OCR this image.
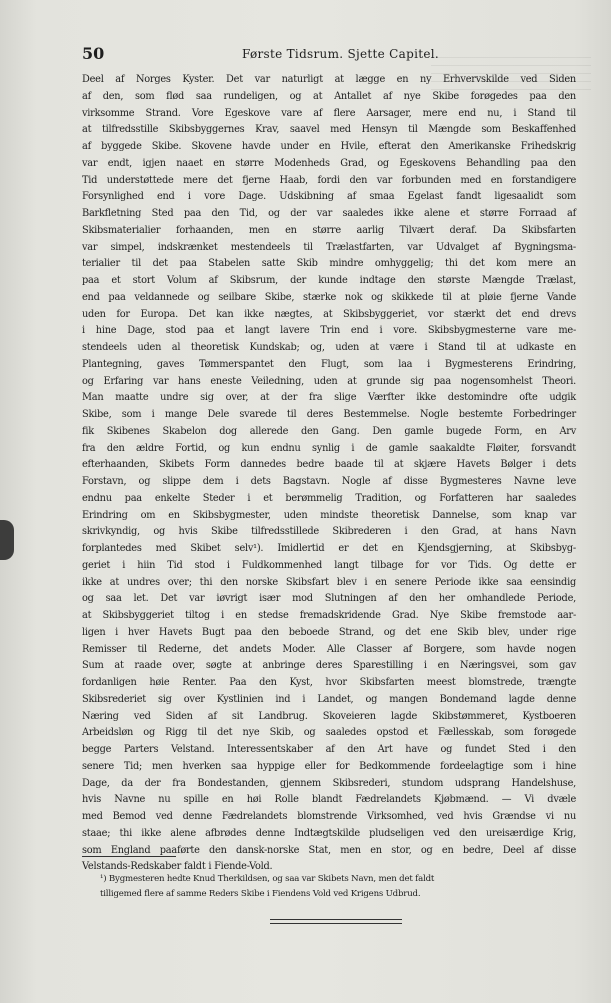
50	Første Tidsrum. Sjette Capitel.
Deel af Norges Kyster. Det var naturligt at lægge en ny Erhvervskilde ved Siden
af den, som flød saa rundeligen, og at Antallet af nye Skibe forøgedes paa den
virksomme Strand. Vore Egeskove vare af flere Aarsager, mere end nu, i Stand til
at tilfredsstille Skibsbyggernes Krav, saavel med Hensyn til Mængde som Beskaffenhed
af byggede Skibe. Skovene havde under en Hvile, efterat den Amerikanske Frihedskrig
var endt, igjen naaet en større Modenheds Grad, og Egeskovens Behandling paa den
Tid understøttede mere det fjerne Haab, fordi den var forbunden med en forstandigere
Forsynlighed end i vore Dage. Udskibning af smaa Egelast fandt ligesaalidt som
Barkfletning Sted paa den Tid, og der var saaledes ikke alene et større Forraad af
Skibsmaterialier forhaanden, men en større aarlig Tilvært deraf. Da Skibsfarten
var simpel, indskrænket mestendeels til Trælastfarten, var Udvalget af Bygningsma-
terialier til det paa Stabelen satte Skib mindre omhyggelig; thi det kom mere an
paa et stort Volum af Skibsrum, der kunde indtage den største Mængde Trælast,
end paa veldannede og seilbare Skibe, stærke nok og skikkede til at pløie fjerne Vande
uden for Europa. Det kan ikke nægtes, at Skibsbyggeriet, vor stærkt det end drevs
i hine Dage, stod paa et langt lavere Trin end i vore. Skibsbygmesterne vare me-
stendeels uden al theoretisk Kundskab; og, uden at være i Stand til at udkaste en
Plantegning, gaves Tømmerspantet den Flugt, som laa i Bygmesterens Erindring,
og Erfaring var hans eneste Veiledning, uden at grunde sig paa nogensomhelst Theori.
Man maatte undre sig over, at der fra slige Værfter ikke destomindre ofte udgik
Skibe, som i mange Dele svarede til deres Bestemmelse. Nogle bestemte Forbedringer
fik Skibenes Skabelon dog allerede den Gang. Den gamle bugede Form, en Arv
fra den ældre Fortid, og kun endnu synlig i de gamle saakaldte Fløiter, forsvandt
efterhaanden, Skibets Form dannedes bedre baade til at skjære Havets Bølger i dets
Forstavn, og slippe dem i dets Bagstavn. Nogle af disse Bygmesteres Navne leve
endnu paa enkelte Steder i et berømmelig Tradition, og Forfatteren har saaledes
Erindring om en Skibsbygmester, uden mindste theoretisk Dannelse, som knap var
skrivkyndig, og hvis Skibe tilfredsstillede Skibrederen i den Grad, at hans Navn
forplantedes med Skibet selv¹). Imidlertid er det en Kjendsgjerning, at Skibsbyg-
geriet i hiin Tid stod i Fuldkommenhed langt tilbage for vor Tids. Og dette er
ikke at undres over; thi den norske Skibsfart blev i en senere Periode ikke saa eensindig
og saa let. Det var iøvrigt især mod Slutningen af den her omhandlede Periode,
at Skibsbyggeriet tiltog i en stedse fremadskridende Grad. Nye Skibe fremstode aar-
ligen i hver Havets Bugt paa den beboede Strand, og det ene Skib blev, under rige
Remisser til Rederne, det andets Moder. Alle Classer af Borgere, som havde nogen
Sum at raade over, søgte at anbringe deres Sparestilling i en Næringsvei, som gav
fordanligen høie Renter. Paa den Kyst, hvor Skibsfarten meest blomstrede, trængte
Skibsrederiet sig over Kystlinien ind i Landet, og mangen Bondemand lagde denne
Næring ved Siden af sit Landbrug. Skoveieren lagde Skibstømmeret, Kystboeren
Arbeidsløn og Rigg til det nye Skib, og saaledes opstod et Fællesskab, som forøgede
begge Parters Velstand. Interessentskaber af den Art have og fundet Sted i den
senere Tid; men hverken saa hyppige eller for Bedkommende fordeelagtige som i hine
Dage, da der fra Bondestanden, gjennem Skibsrederi, stundom udsprang Handelshuse,
hvis Navne nu spille en høi Rolle blandt Fædrelandets Kjøbmænd. — Vi dvæle
med Bemod ved denne Fædrelandets blomstrende Virksomhed, ved hvis Grændse vi nu
staae; thi ikke alene afbrødes denne Indtægtskilde pludseligen ved den ureisærdige Krig,
som England paaførte den dansk-norske Stat, men en stor, og en bedre, Deel af disse
Velstands-Redskaber faldt i Fiende-Vold.
¹) Bygmesteren hedte Knud Therkildsen, og saa var Skibets Navn, men det faldt
tilligemed flere af samme Reders Skibe i Fiendens Vold ved Krigens Udbrud.
